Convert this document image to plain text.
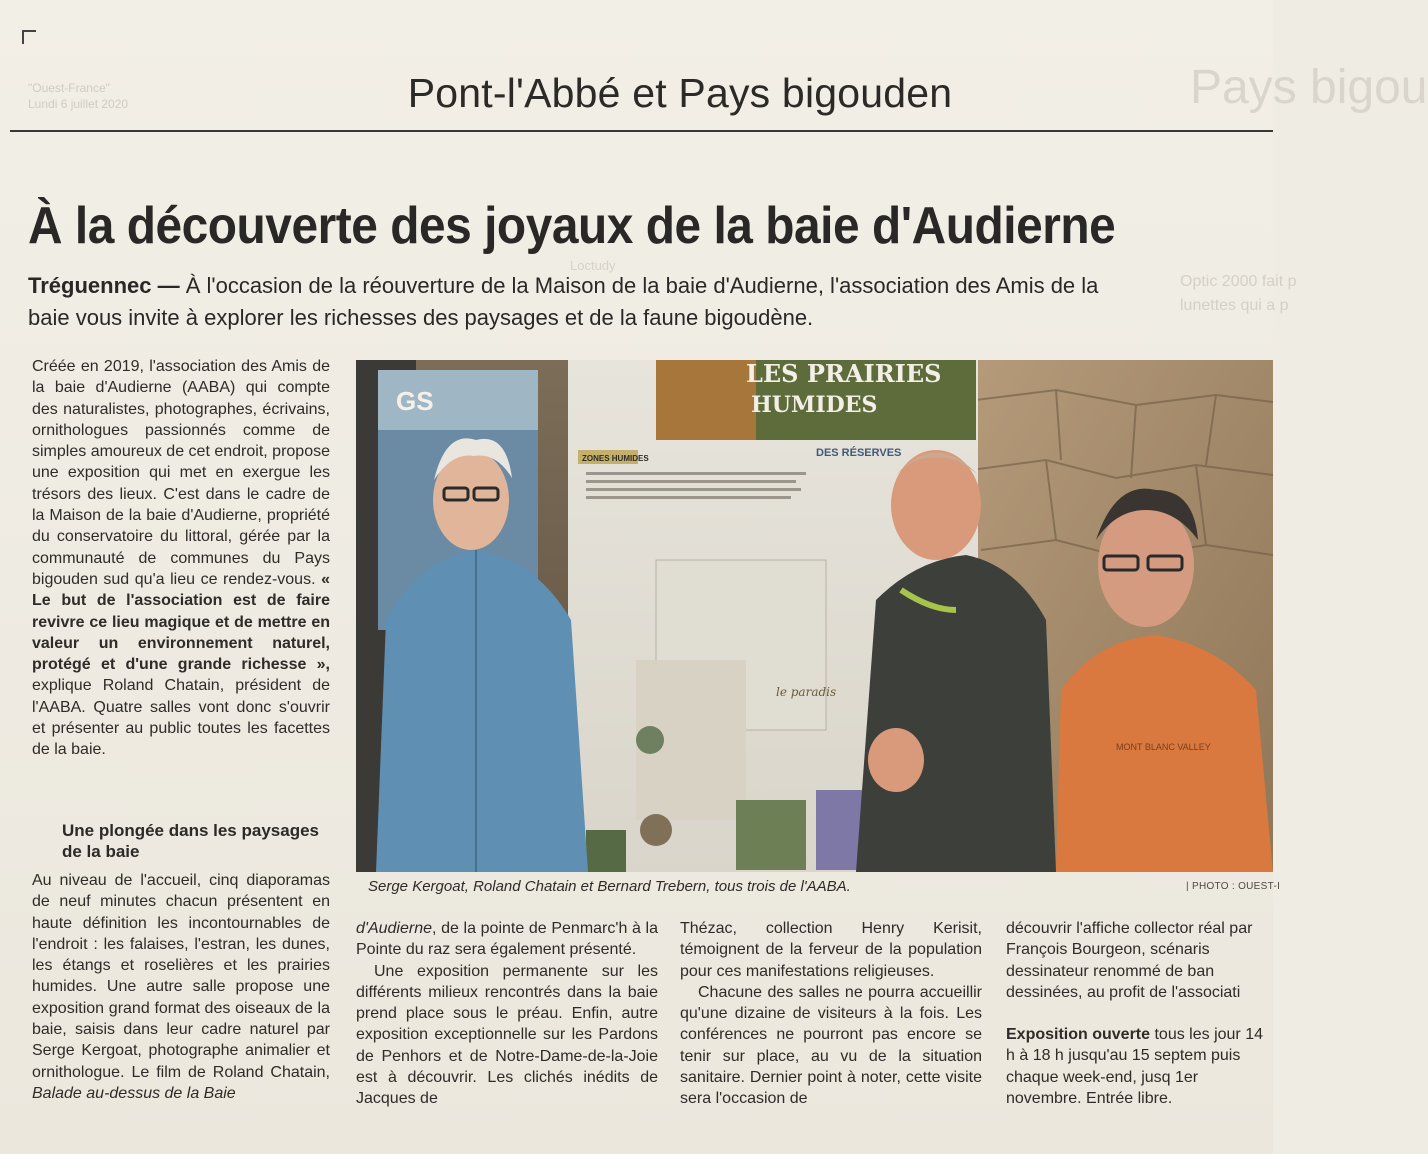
"Ouest-France"
Lundi 6 juillet 2020	Pays bigou
Optic 2000 fait p
lunettes qui a p
Loctudy
Pont-l'Abbé et Pays bigouden
À la découverte des joyaux de la baie d'Audierne

Tréguennec — À l'occasion de la réouverture de la Maison de la baie d'Audierne, l'association des Amis de la baie vous invite à explorer les richesses des paysages et de la faune bigoudène.

Créée en 2019, l'association des Amis de la baie d'Audierne (AABA) qui compte des naturalistes, photographes, écrivains, ornithologues passionnés comme de simples amoureux de cet endroit, propose une exposition qui met en exergue les trésors des lieux. C'est dans le cadre de la Maison de la baie d'Audierne, propriété du conservatoire du littoral, gérée par la communauté de communes du Pays bigouden sud qu'a lieu ce rendez-vous. « Le but de l'association est de faire revivre ce lieu magique et de mettre en valeur un environnement naturel, protégé et d'une grande richesse », explique Roland Chatain, président de l'AABA. Quatre salles vont donc s'ouvrir et présenter au public toutes les facettes de la baie.

Une plongée dans les paysages de la baie

Au niveau de l'accueil, cinq diaporamas de neuf minutes chacun présentent en haute définition les incontournables de l'endroit : les falaises, l'estran, les dunes, les étangs et roselières et les prairies humides. Une autre salle propose une exposition grand format des oiseaux de la baie, saisis dans leur cadre naturel par Serge Kergoat, photographe animalier et ornithologue. Le film de Roland Chatain, Balade au-dessus de la Baie

GS
LES PRAIRIES
HUMIDES
ZONES HUMIDES	DES RÉSERVES
le paradis
MONT BLANC VALLEY
Serge Kergoat, Roland Chatain et Bernard Trebern, tous trois de l'AABA.	| PHOTO : OUEST-I

d'Audierne, de la pointe de Penmarc'h à la Pointe du raz sera également présenté.

Une exposition permanente sur les différents milieux rencontrés dans la baie prend place sous le préau. Enfin, autre exposition exceptionnelle sur les Pardons de Penhors et de Notre-Dame-de-la-Joie est à découvrir. Les clichés inédits de Jacques de

Thézac, collection Henry Kerisit, témoignent de la ferveur de la population pour ces manifestations religieuses.

Chacune des salles ne pourra accueillir qu'une dizaine de visiteurs à la fois. Les conférences ne pourront pas encore se tenir sur place, au vu de la situation sanitaire. Dernier point à noter, cette visite sera l'occasion de

découvrir l'affiche collector réal par François Bourgeon, scénaris dessinateur renommé de ban dessinées, au profit de l'associati

Exposition ouverte tous les jour 14 h à 18 h jusqu'au 15 septem puis chaque week-end, jusq 1er novembre. Entrée libre.
